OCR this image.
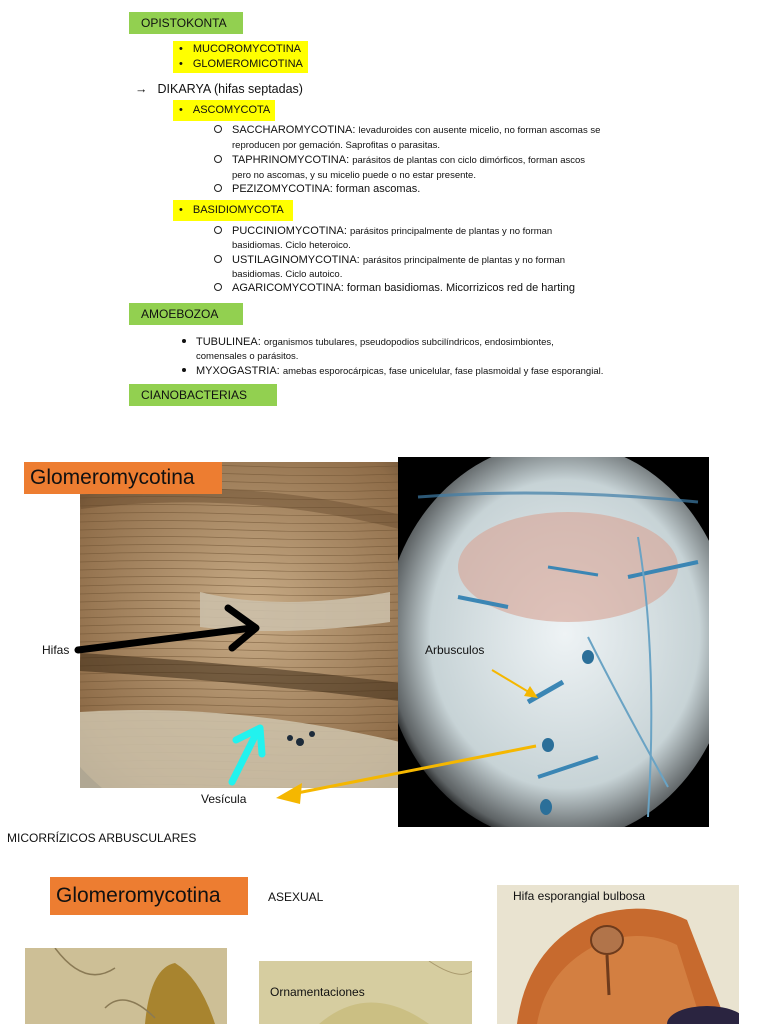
OPISTOKONTA
• MUCOROMYCOTINA
• GLOMEROMICOTINA
→ DIKARYA (hifas septadas)
• ASCOMYCOTA
SACCHAROMYCOTINA: levaduroides con ausente micelio, no forman ascomas se
reproducen por gemación. Saprofitas o parasitas.
TAPHRINOMYCOTINA: parásitos de plantas con ciclo dimórficos, forman ascos
pero no ascomas, y su micelio puede o no estar presente.
PEZIZOMYCOTINA: forman ascomas.
• BASIDIOMYCOTA
PUCCINIOMYCOTINA: parásitos principalmente de plantas y no forman
basidiomas. Ciclo heteroico.
USTILAGINOMYCOTINA: parásitos principalmente de plantas y no forman
basidiomas. Ciclo autoico.
AGARICOMYCOTINA: forman basidiomas. Micorrizicos red de harting
AMOEBOZOA
TUBULINEA: organismos tubulares, pseudopodios subcilíndricos, endosimbiontes,
comensales o parásitos.
MYXOGASTRIA: amebas esporocárpicas, fase unicelular, fase plasmoidal y fase esporangial.
CIANOBACTERIAS
Glomeromycotina
Hifas	Arbusculos
Vesícula
MICORRÍZICOS ARBUSCULARES
Glomeromycotina	ASEXUAL
Ornamentaciones
Hifa esporangial bulbosa
